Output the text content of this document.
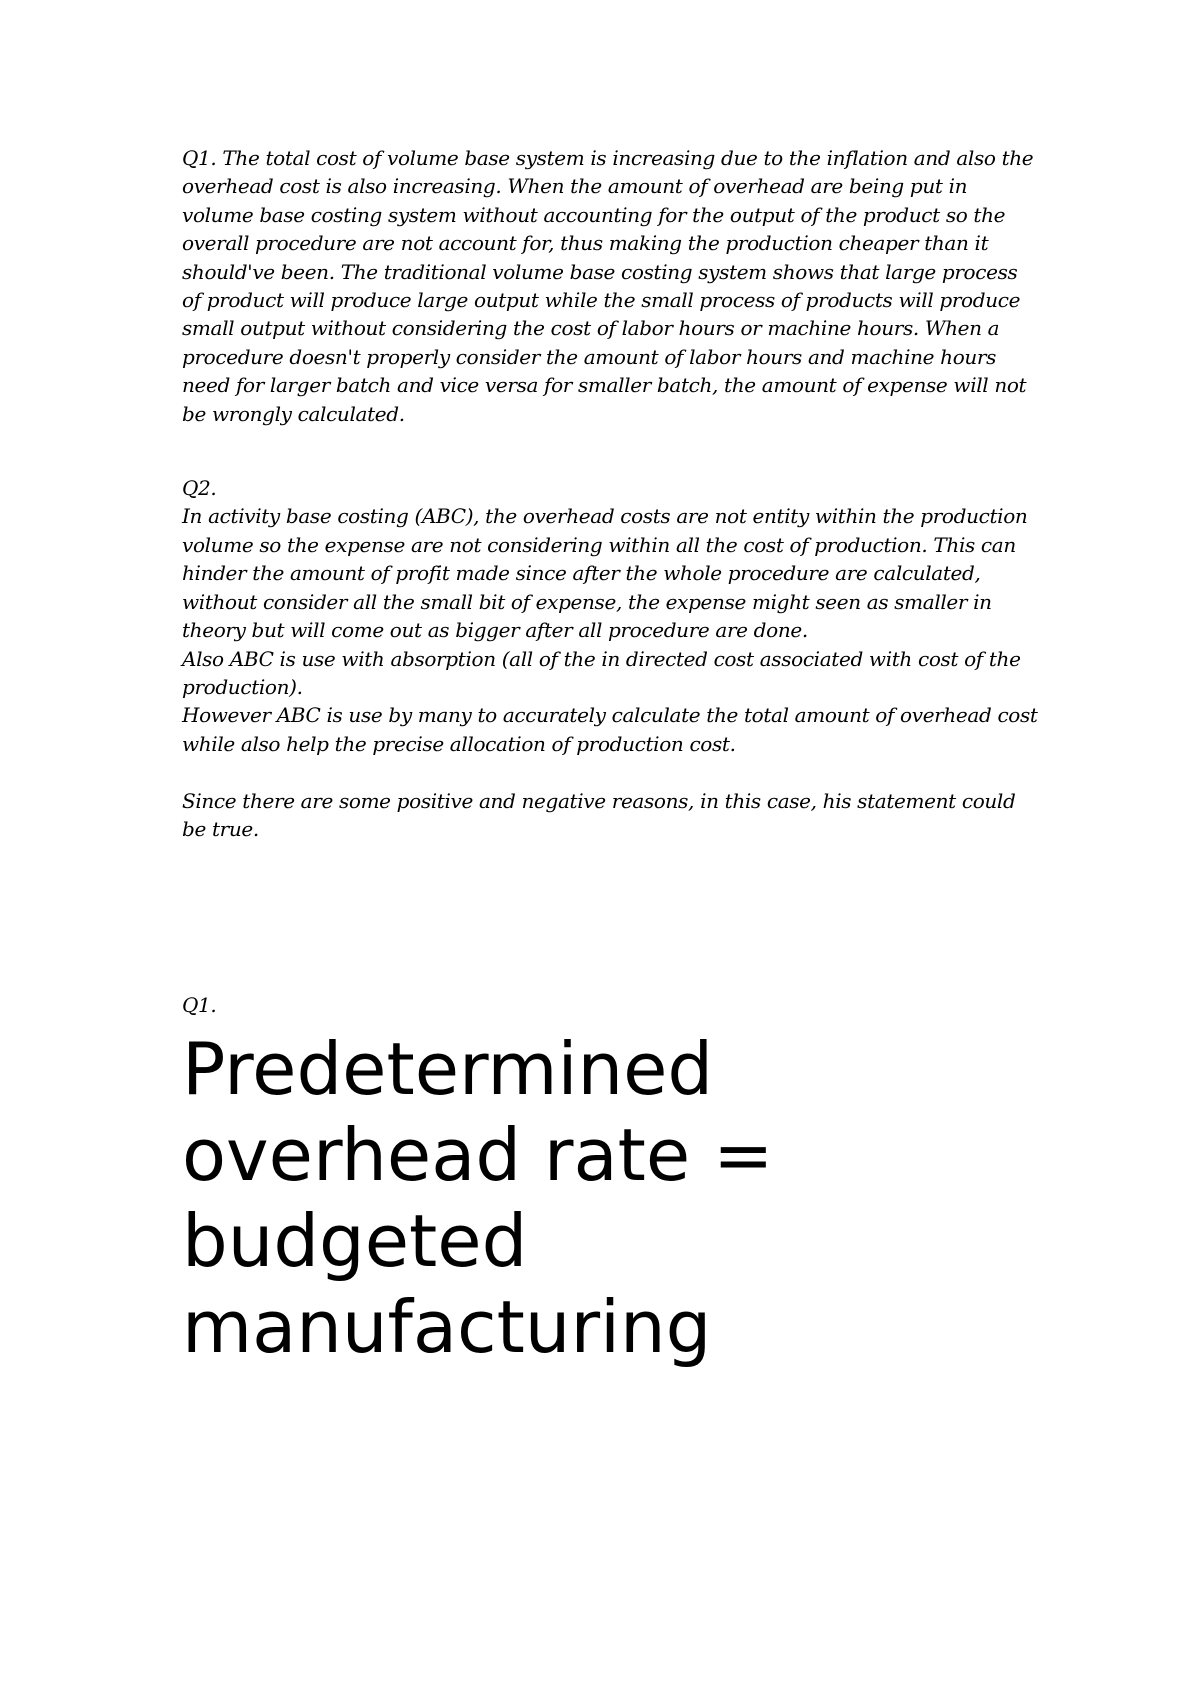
Q1. The total cost of volume base system is increasing due to the inflation and also the overhead cost is also increasing. When the amount of overhead are being put in volume base costing system without accounting for the output of the product so the overall procedure are not account for, thus making the production cheaper than it should've been. The traditional volume base costing system shows that large process of product will produce large output while the small process of products will produce small output without considering the cost of labor hours or machine hours. When a procedure doesn't properly consider the amount of labor hours and machine hours need for larger batch and vice versa for smaller batch, the amount of expense will not be wrongly calculated.

Q2.

In activity base costing (ABC), the overhead costs are not entity within the production volume so the expense are not considering within all the cost of production. This can hinder the amount of profit made since after the whole procedure are calculated, without consider all the small bit of expense, the expense might seen as smaller in theory but will come out as bigger after all procedure are done.

Also ABC is use with absorption (all of the in directed cost associated with cost of the production).

However ABC is use by many to accurately calculate the total amount of overhead cost while also help the precise allocation of production cost.

Since there are some positive and negative reasons, in this case, his statement could be true.

Q1.

Predetermined
overhead rate =
budgeted
manufacturing
